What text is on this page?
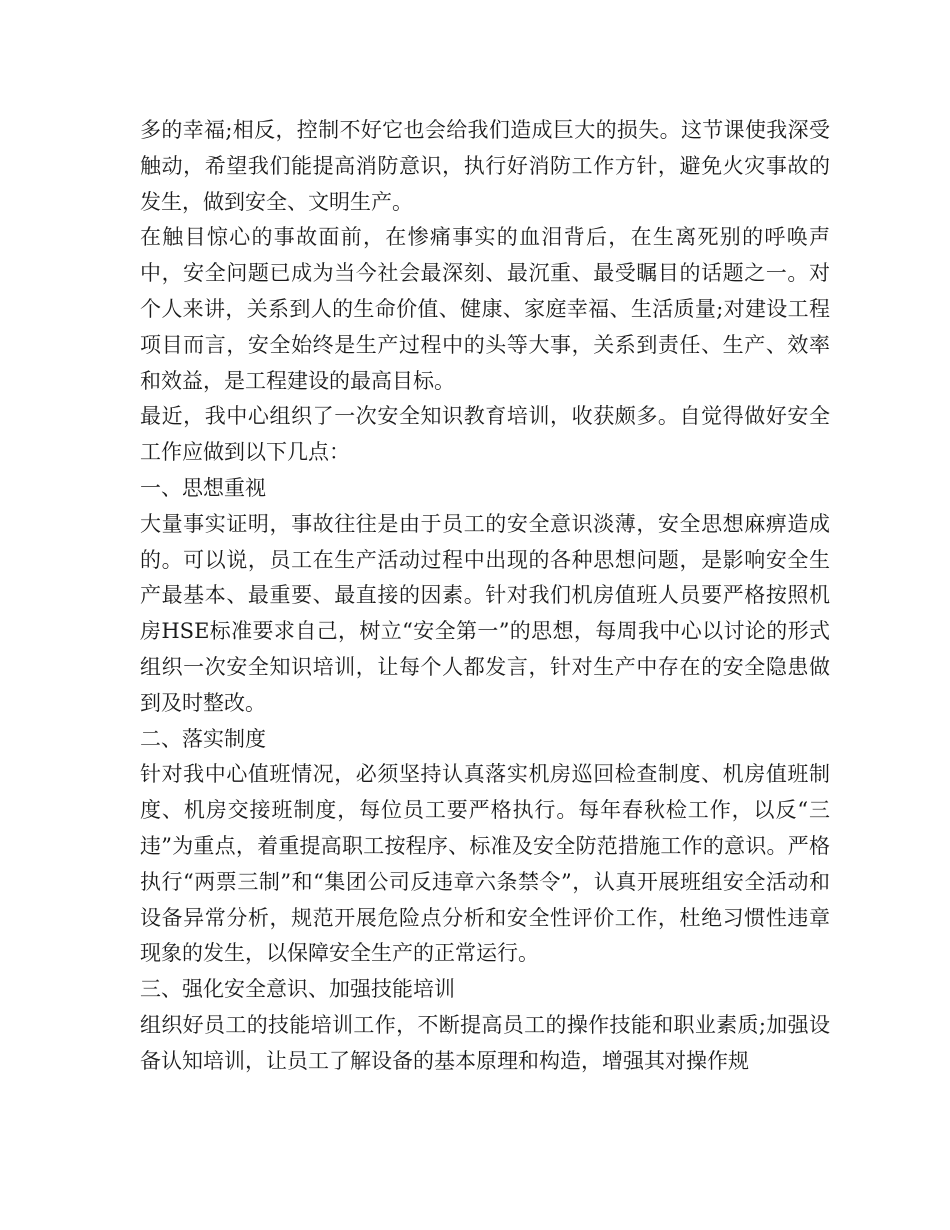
多的幸福;相反，控制不好它也会给我们造成巨大的损失。这节课使我深受触动，希望我们能提高消防意识，执行好消防工作方针，避免火灾事故的发生，做到安全、文明生产。

在触目惊心的事故面前，在惨痛事实的血泪背后，在生离死别的呼唤声中，安全问题已成为当今社会最深刻、最沉重、最受瞩目的话题之一。对个人来讲，关系到人的生命价值、健康、家庭幸福、生活质量;对建设工程项目而言，安全始终是生产过程中的头等大事，关系到责任、生产、效率和效益，是工程建设的最高目标。

最近，我中心组织了一次安全知识教育培训，收获颇多。自觉得做好安全工作应做到以下几点：

一、思想重视

大量事实证明，事故往往是由于员工的安全意识淡薄，安全思想麻痹造成的。可以说，员工在生产活动过程中出现的各种思想问题，是影响安全生产最基本、最重要、最直接的因素。针对我们机房值班人员要严格按照机房HSE标准要求自己，树立“安全第一”的思想，每周我中心以讨论的形式组织一次安全知识培训，让每个人都发言，针对生产中存在的安全隐患做到及时整改。

二、落实制度

针对我中心值班情况，必须坚持认真落实机房巡回检查制度、机房值班制度、机房交接班制度，每位员工要严格执行。每年春秋检工作，以反“三违”为重点，着重提高职工按程序、标准及安全防范措施工作的意识。严格执行“两票三制”和“集团公司反违章六条禁令”，认真开展班组安全活动和设备异常分析，规范开展危险点分析和安全性评价工作，杜绝习惯性违章现象的发生，以保障安全生产的正常运行。

三、强化安全意识、加强技能培训

组织好员工的技能培训工作，不断提高员工的操作技能和职业素质;加强设备认知培训，让员工了解设备的基本原理和构造，增强其对操作规
